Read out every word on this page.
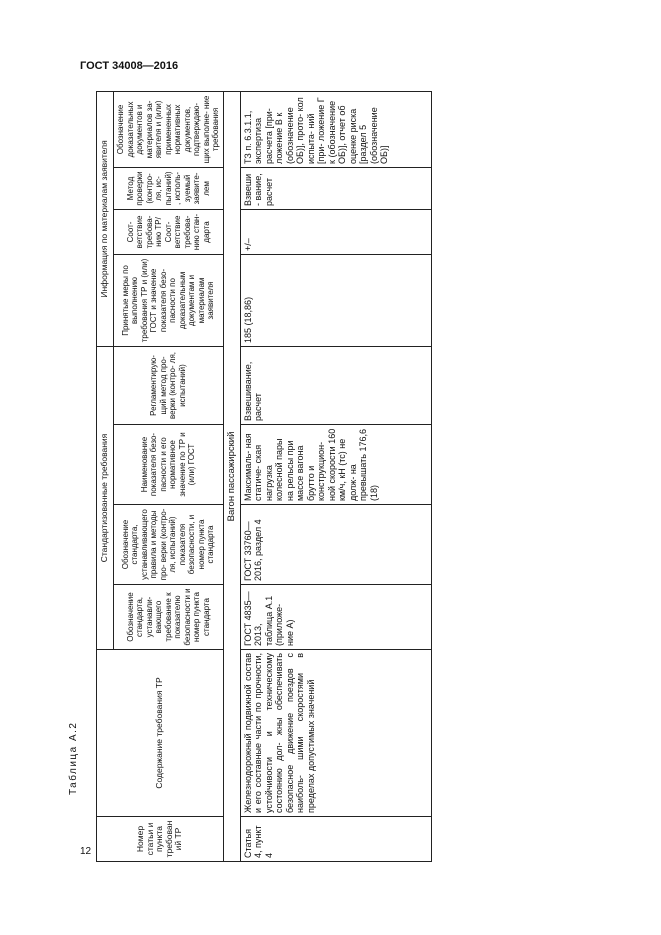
ГОСТ 34008—2016
Таблица А.2
12	Номер статьи и пункта требований ТР	Содержание требования ТР	Стандартизованные требования				Информация по материалам заявителя			
		Обозначение стандарта, устанавли- вающего требование к показателю безопасности и номер пункта стандарта	Обозначение стандарта, устанавливающего правила и методы про- верки (контро- ля, испытаний) показателя безопасности, и номер пункта стандарта	Наименование показателя безо- пасности и его нормативное значение по ТР и (или) ГОСТ	Регламентирую- щий метод про- верки (контро- ля, испытаний)	Принятые меры по выполнению требования ТР и (или) ГОСТ и значение показателя безо- пасности по доказательным документам и материалам заявителя	Соот- ветствие требова- нию ТР/ Соот- ветствие требова- нию стан- дарта	Метод проверки (контро- ля, ис- пытаний), исполь- зуемый заявите- лем	Обозначение доказательных документов и материалов за- явителя и (или) примененных нормативных документов, подтверждаю- щих выполне- ние требования
Вагон пассажирский									
Статья 4, пункт 4	Железнодорожный подвижной состав и его составные части по прочности, устойчивости и техническому состоянию дол- жны обеспечивать безопасное движение поездов с наиболь- шими скоростями в пределах допустимых значений	ГОСТ 4835—2013, таблица А.1 (приложе- ние А)	ГОСТ 33760—2016, раздел 4	Максималь- ная статиче- ская нагрузка колесной пары на рельсы при массе вагона брутто и конструкцион- ной скорости 160 км/ч, кН (тс) не долж- на превышать 176,6 (18)	Взвешивание, расчет	185 (18,86)	+/–	Взвеши- вание, расчет	ТЗ п. 6.3.1.1, экспертиза расчета [при- ложение В к (обозначение ОБ)], прото- кол испыта- ний [при- ложение Г к (обозначение ОБ)], отчет об оценке риска [раздел 5 (обозначение ОБ)]
